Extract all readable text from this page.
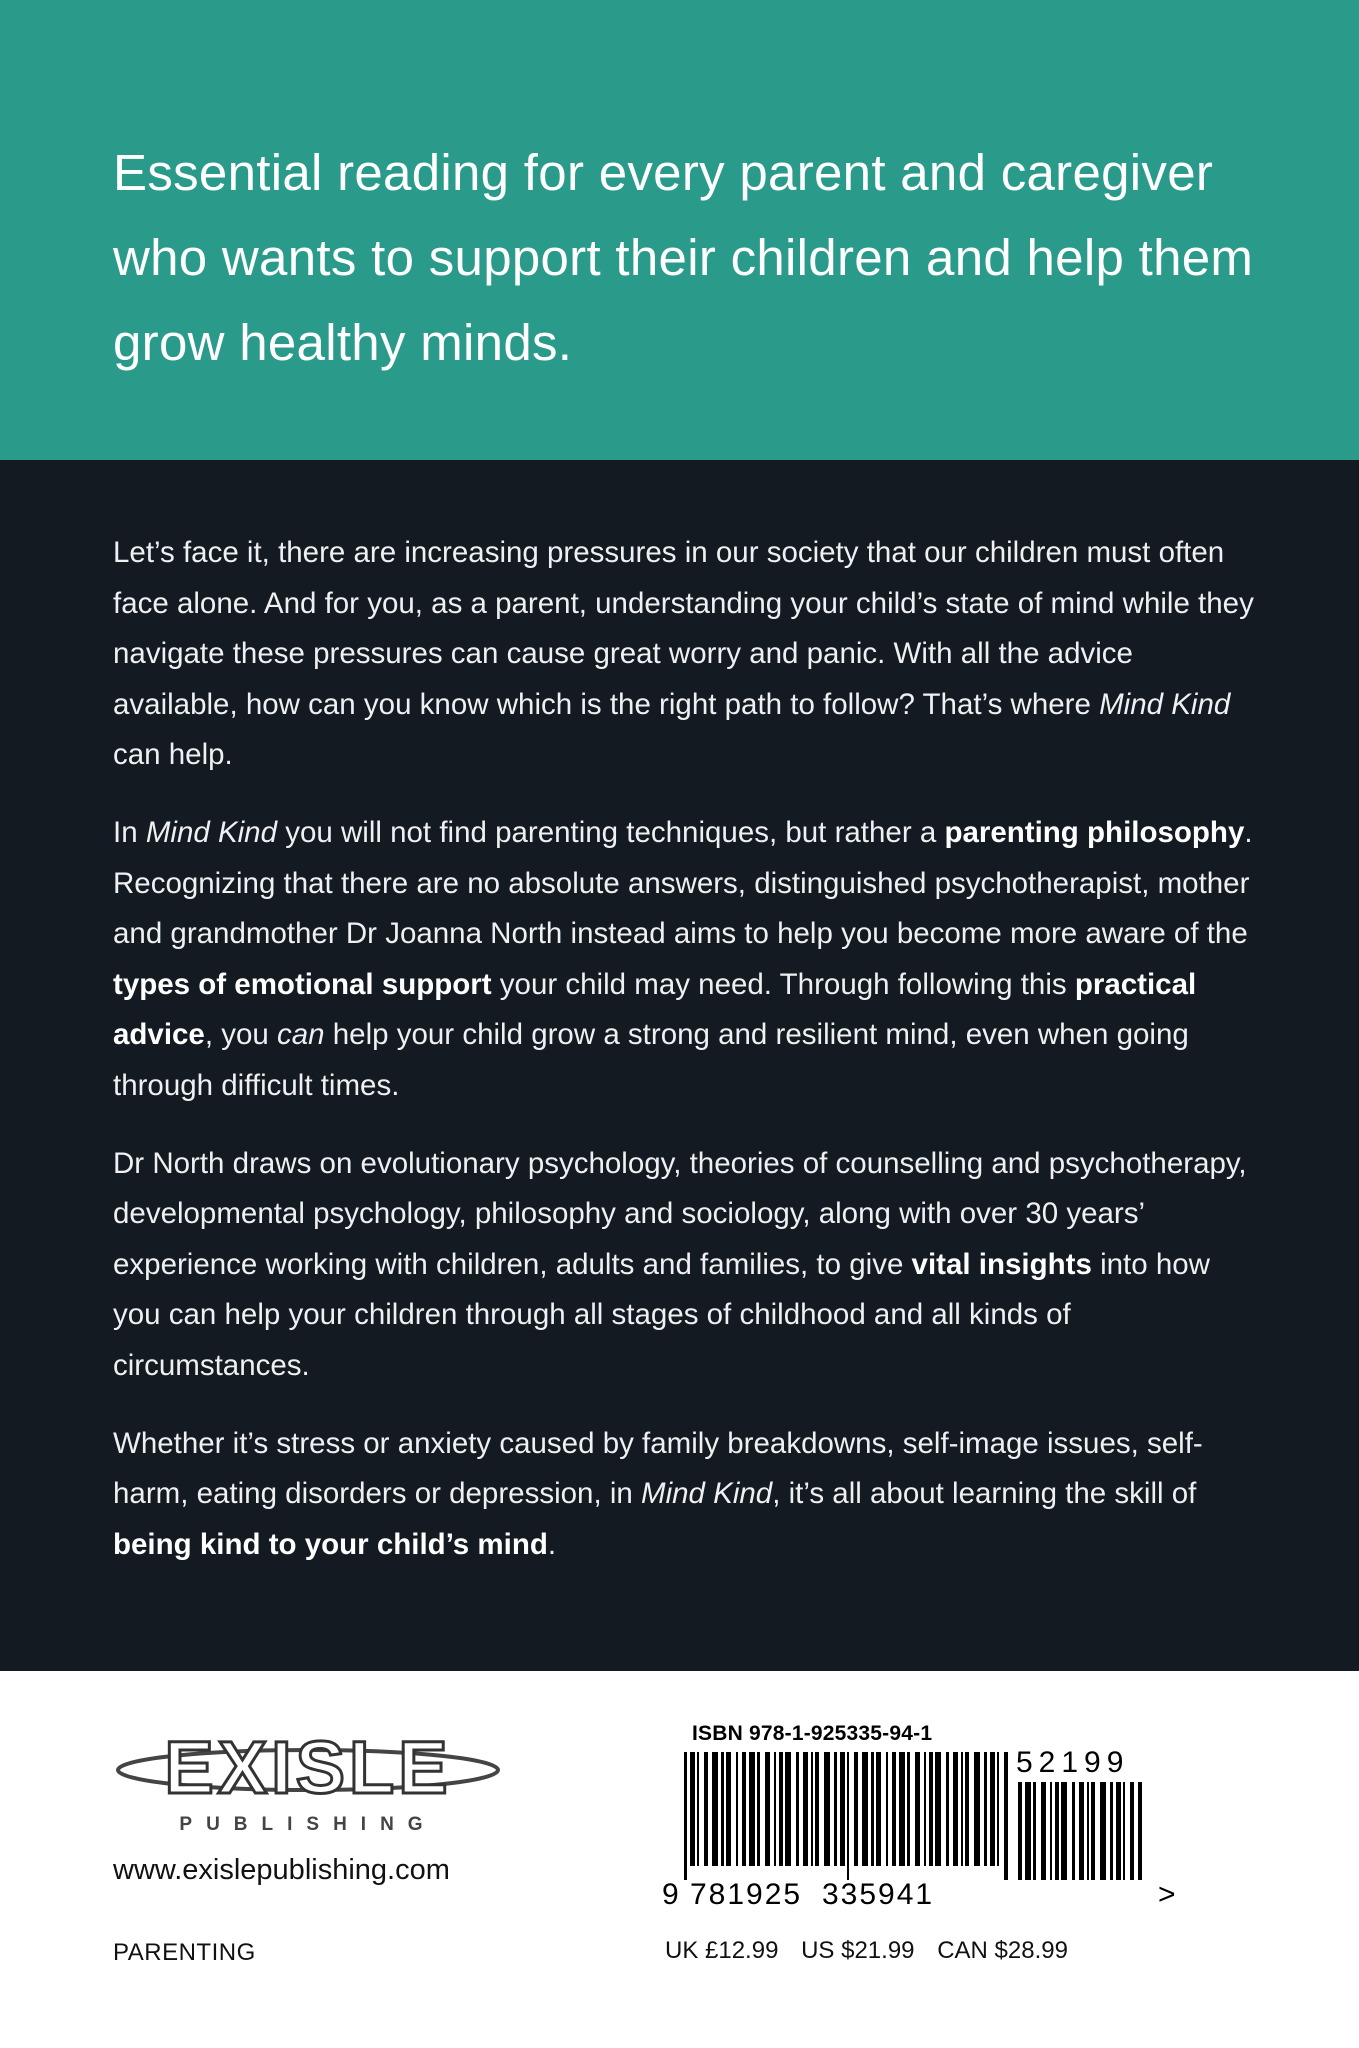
Essential reading for every parent and caregiver who wants to support their children and help them grow healthy minds.

Let’s face it, there are increasing pressures in our society that our children must often face alone. And for you, as a parent, understanding your child’s state of mind while they navigate these pressures can cause great worry and panic. With all the advice available, how can you know which is the right path to follow? That’s where Mind Kind can help.

In Mind Kind you will not find parenting techniques, but rather a parenting philosophy. Recognizing that there are no absolute answers, distinguished psychotherapist, mother and grandmother Dr Joanna North instead aims to help you become more aware of the types of emotional support your child may need. Through following this practical advice, you can help your child grow a strong and resilient mind, even when going through difficult times.

Dr North draws on evolutionary psychology, theories of counselling and psychotherapy, developmental psychology, philosophy and sociology, along with over 30 years’ experience working with children, adults and families, to give vital insights into how you can help your children through all stages of childhood and all kinds of circumstances.

Whether it’s stress or anxiety caused by family breakdowns, self-image issues, self-harm, eating disorders or depression, in Mind Kind, it’s all about learning the skill of being kind to your child’s mind.

EXISLE
PUBLISHING
www.exislepublishing.com
PARENTING
ISBN 978-1-925335-94-1
52199
9 781925 335941	>
UK £12.99 US $21.99 CAN $28.99
